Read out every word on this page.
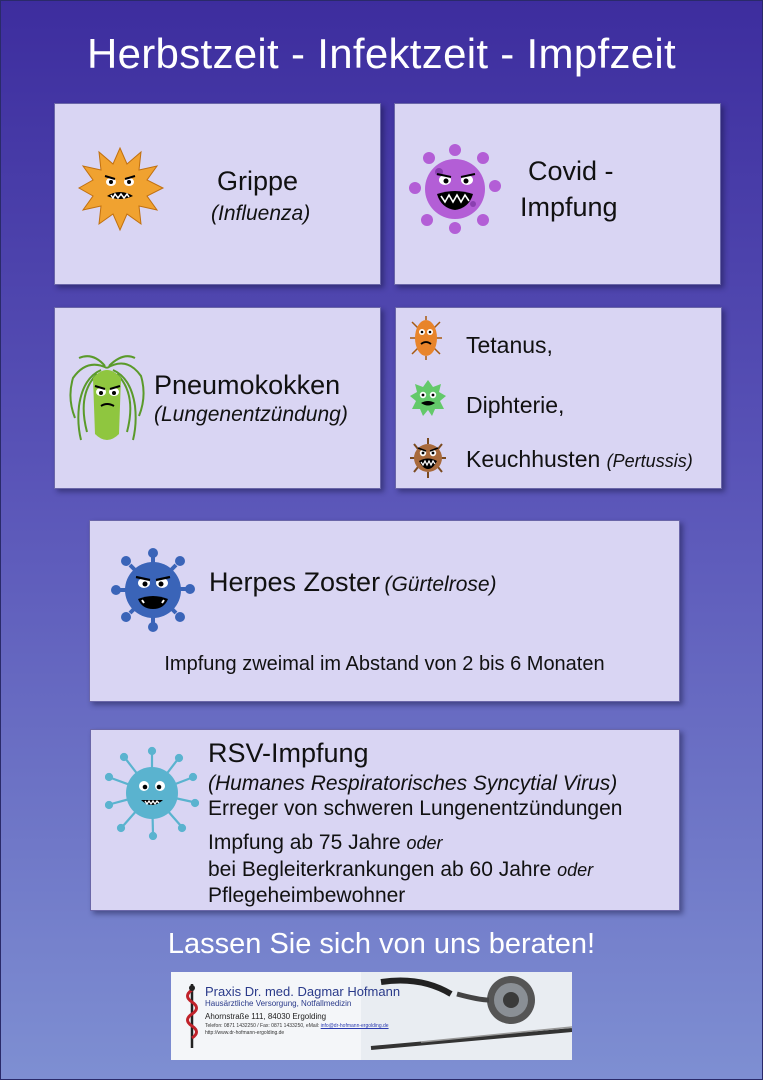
Herbstzeit - Infektzeit - Impfzeit
Grippe
(Influenza)
Covid -
Impfung
Pneumokokken
(Lungenentzündung)
Tetanus,
Diphterie,
Keuchhusten (Pertussis)
Herpes Zoster (Gürtelrose)
Impfung zweimal im Abstand von 2 bis 6 Monaten
RSV-Impfung
(Humanes Respiratorisches Syncytial Virus)
Erreger von schweren Lungenentzündungen
Impfung ab 75 Jahre oder
bei Begleiterkrankungen ab 60 Jahre oder
Pflegeheimbewohner
Lassen Sie sich von uns beraten!
Praxis Dr. med. Dagmar Hofmann
Hausärztliche Versorgung, Notfallmedizin
Ahornstraße 111, 84030 Ergolding
Telefon: 0871 1432250 / Fax: 0871 1433250, eMail: info@dr-hofmann-ergolding.de
http://www.dr-hofmann-ergolding.de
